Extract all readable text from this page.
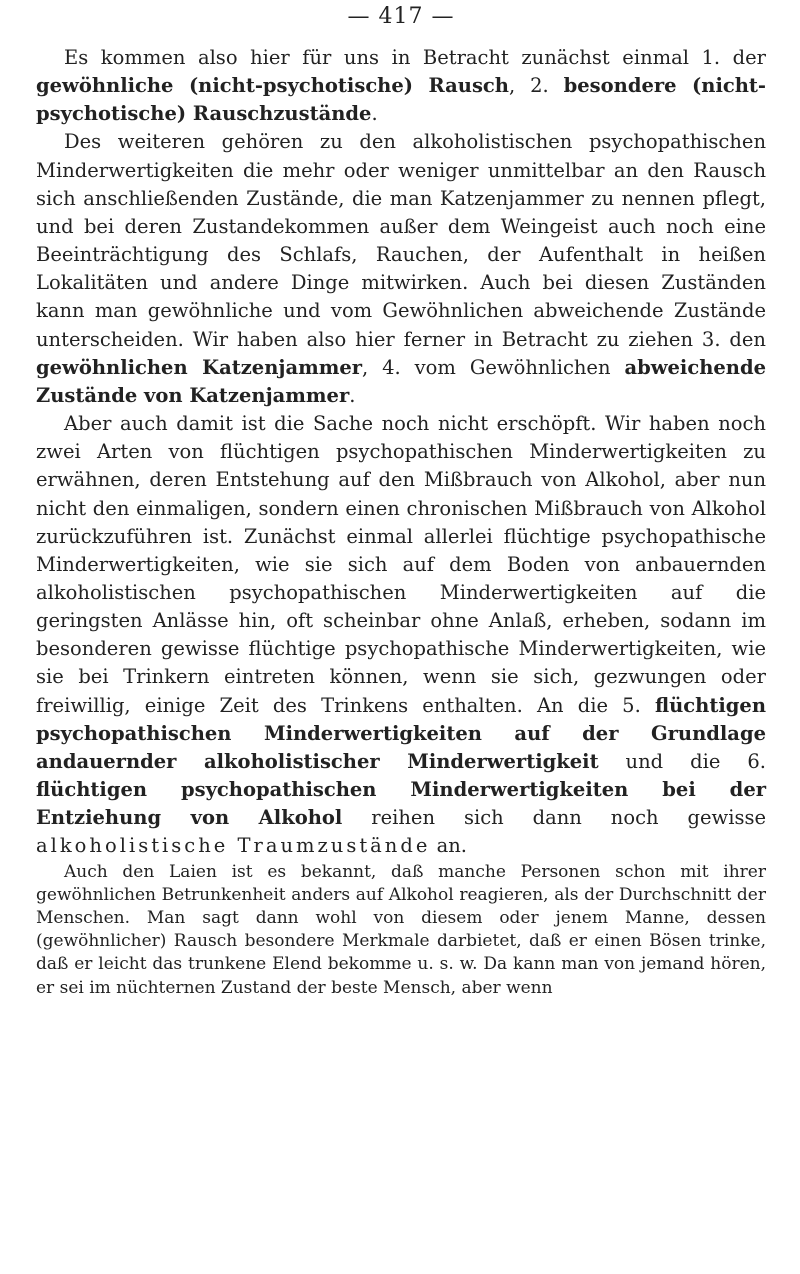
— 417 —

Es kommen also hier für uns in Betracht zunächst einmal 1. der gewöhnliche (nicht-psychotische) Rausch, 2. besondere (nicht-psychotische) Rauschzustände.

Des weiteren gehören zu den alkoholistischen psychopathischen Minderwertigkeiten die mehr oder weniger unmittelbar an den Rausch sich anschließenden Zustände, die man Katzenjammer zu nennen pflegt, und bei deren Zustandekommen außer dem Weingeist auch noch eine Beeinträchtigung des Schlafs, Rauchen, der Aufenthalt in heißen Lokalitäten und andere Dinge mitwirken. Auch bei diesen Zuständen kann man gewöhnliche und vom Gewöhnlichen abweichende Zustände unterscheiden. Wir haben also hier ferner in Betracht zu ziehen 3. den gewöhnlichen Katzenjammer, 4. vom Gewöhnlichen abweichende Zustände von Katzenjammer.

Aber auch damit ist die Sache noch nicht erschöpft. Wir haben noch zwei Arten von flüchtigen psychopathischen Minderwertigkeiten zu erwähnen, deren Entstehung auf den Mißbrauch von Alkohol, aber nun nicht den einmaligen, sondern einen chronischen Mißbrauch von Alkohol zurückzuführen ist. Zunächst einmal allerlei flüchtige psychopathische Minderwertigkeiten, wie sie sich auf dem Boden von anbauernden alkoholistischen psychopathischen Minderwertigkeiten auf die geringsten Anlässe hin, oft scheinbar ohne Anlaß, erheben, sodann im besonderen gewisse flüchtige psychopathische Minderwertigkeiten, wie sie bei Trinkern eintreten können, wenn sie sich, gezwungen oder freiwillig, einige Zeit des Trinkens enthalten. An die 5. flüchtigen psychopathischen Minderwertigkeiten auf der Grundlage andauernder alkoholistischer Minderwertigkeit und die 6. flüchtigen psychopathischen Minderwertigkeiten bei der Entziehung von Alkohol reihen sich dann noch gewisse alkoholistische Traumzustände an.

Auch den Laien ist es bekannt, daß manche Personen schon mit ihrer gewöhnlichen Betrunkenheit anders auf Alkohol reagieren, als der Durchschnitt der Menschen. Man sagt dann wohl von diesem oder jenem Manne, dessen (gewöhnlicher) Rausch besondere Merkmale darbietet, daß er einen Bösen trinke, daß er leicht das trunkene Elend bekomme u. s. w. Da kann man von jemand hören, er sei im nüchternen Zustand der beste Mensch, aber wenn
